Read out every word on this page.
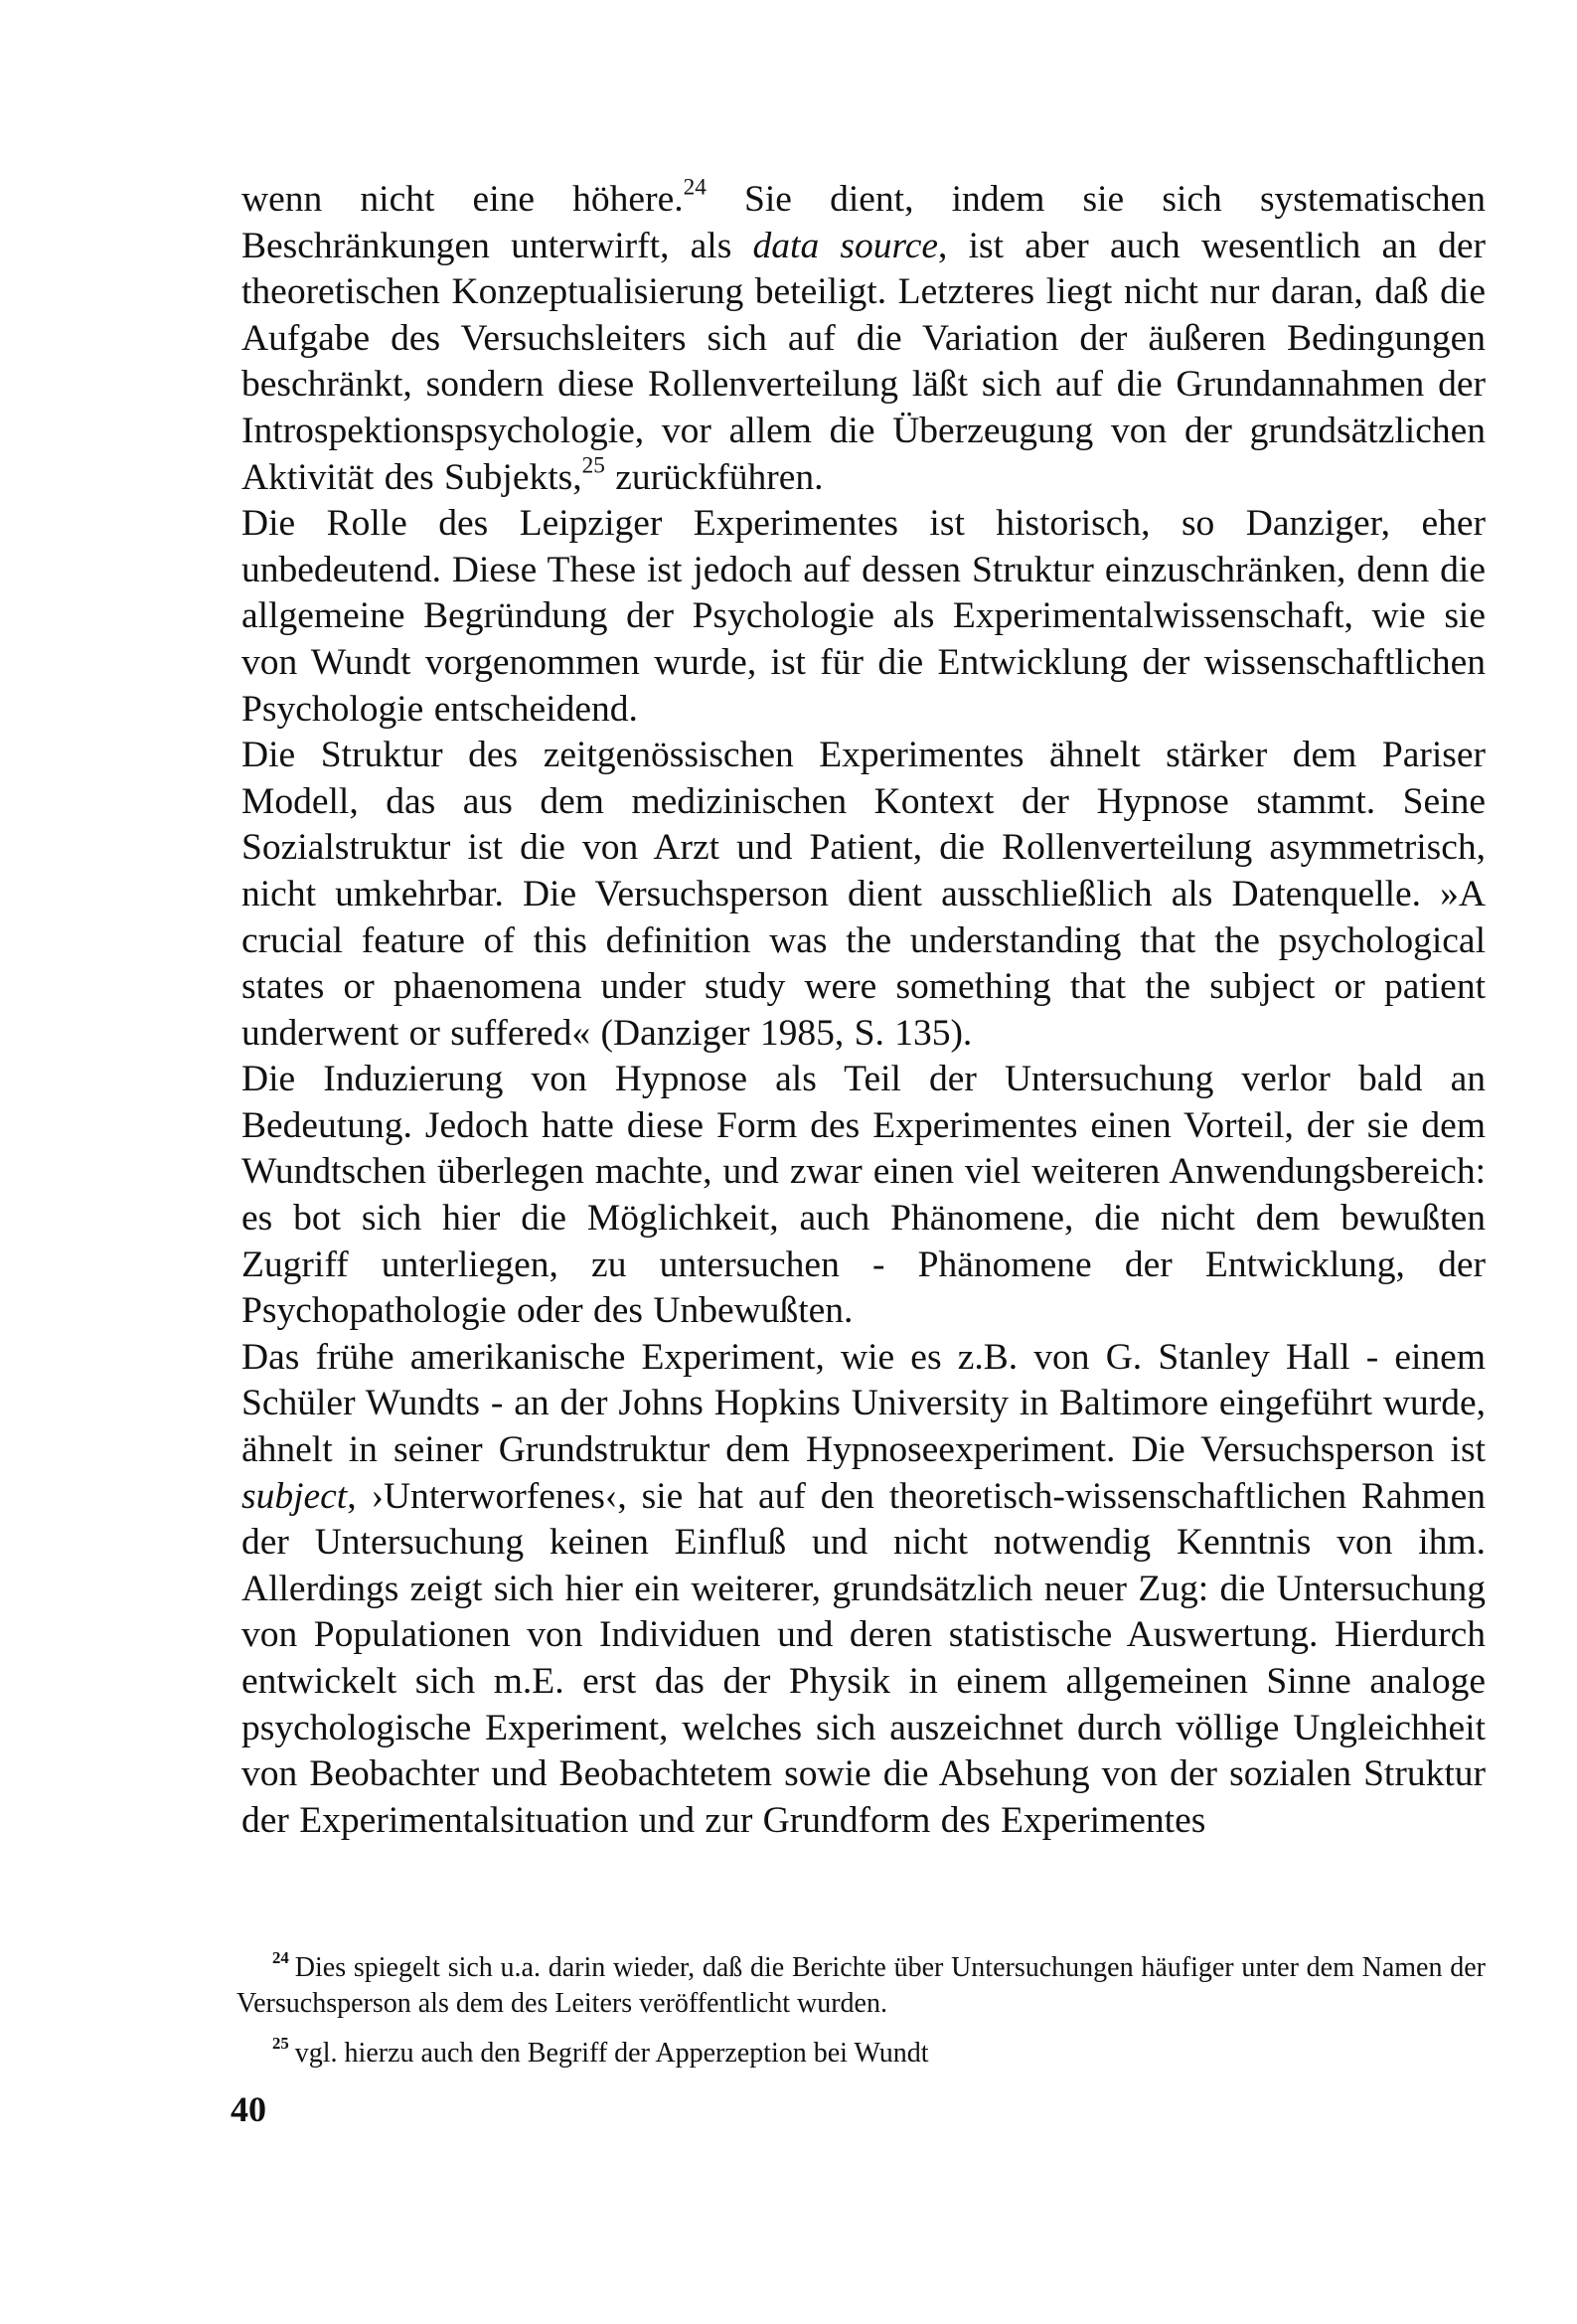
wenn nicht eine höhere.$^{24}$ Sie dient, indem sie sich systematischen Beschränkungen unterwirft, als data source, ist aber auch wesentlich an der theoretischen Konzeptualisierung beteiligt. Letzteres liegt nicht nur daran, daß die Aufgabe des Versuchsleiters sich auf die Variation der äußeren Bedingungen beschränkt, sondern diese Rollenverteilung läßt sich auf die Grundannahmen der Introspektionspsychologie, vor allem die Überzeugung von der grundsätzlichen Aktivität des Subjekts,$^{25}$ zurückführen.

Die Rolle des Leipziger Experimentes ist historisch, so Danziger, eher unbedeutend. Diese These ist jedoch auf dessen Struktur einzuschränken, denn die allgemeine Begründung der Psychologie als Experimentalwissenschaft, wie sie von Wundt vorgenommen wurde, ist für die Entwicklung der wissenschaftlichen Psychologie entscheidend.

Die Struktur des zeitgenössischen Experimentes ähnelt stärker dem Pariser Modell, das aus dem medizinischen Kontext der Hypnose stammt. Seine Sozialstruktur ist die von Arzt und Patient, die Rollenverteilung asymmetrisch, nicht umkehrbar. Die Versuchsperson dient ausschließlich als Datenquelle. »A crucial feature of this definition was the understanding that the psychological states or phaenomena under study were something that the subject or patient underwent or suffered« (Danziger 1985, S. 135).

Die Induzierung von Hypnose als Teil der Untersuchung verlor bald an Bedeutung. Jedoch hatte diese Form des Experimentes einen Vorteil, der sie dem Wundtschen überlegen machte, und zwar einen viel weiteren Anwendungsbereich: es bot sich hier die Möglichkeit, auch Phänomene, die nicht dem bewußten Zugriff unterliegen, zu untersuchen - Phänomene der Entwicklung, der Psychopathologie oder des Unbewußten.

Das frühe amerikanische Experiment, wie es z.B. von G. Stanley Hall - einem Schüler Wundts - an der Johns Hopkins University in Baltimore eingeführt wurde, ähnelt in seiner Grundstruktur dem Hypnoseexperiment. Die Versuchsperson ist subject, ›Unterworfenes‹, sie hat auf den theoretisch-wissenschaftlichen Rahmen der Untersuchung keinen Einfluß und nicht notwendig Kenntnis von ihm. Allerdings zeigt sich hier ein weiterer, grundsätzlich neuer Zug: die Untersuchung von Populationen von Individuen und deren statistische Auswertung. Hierdurch entwickelt sich m.E. erst das der Physik in einem allgemeinen Sinne analoge psychologische Experiment, welches sich auszeichnet durch völlige Ungleichheit von Beobachter und Beobachtetem sowie die Absehung von der sozialen Struktur der Experimentalsituation und zur Grundform des Experimentes

$^{24}$ Dies spiegelt sich u.a. darin wieder, daß die Berichte über Untersuchungen häufiger unter dem Namen der Versuchsperson als dem des Leiters veröffentlicht wurden.

$^{25}$ vgl. hierzu auch den Begriff der Apperzeption bei Wundt

40
